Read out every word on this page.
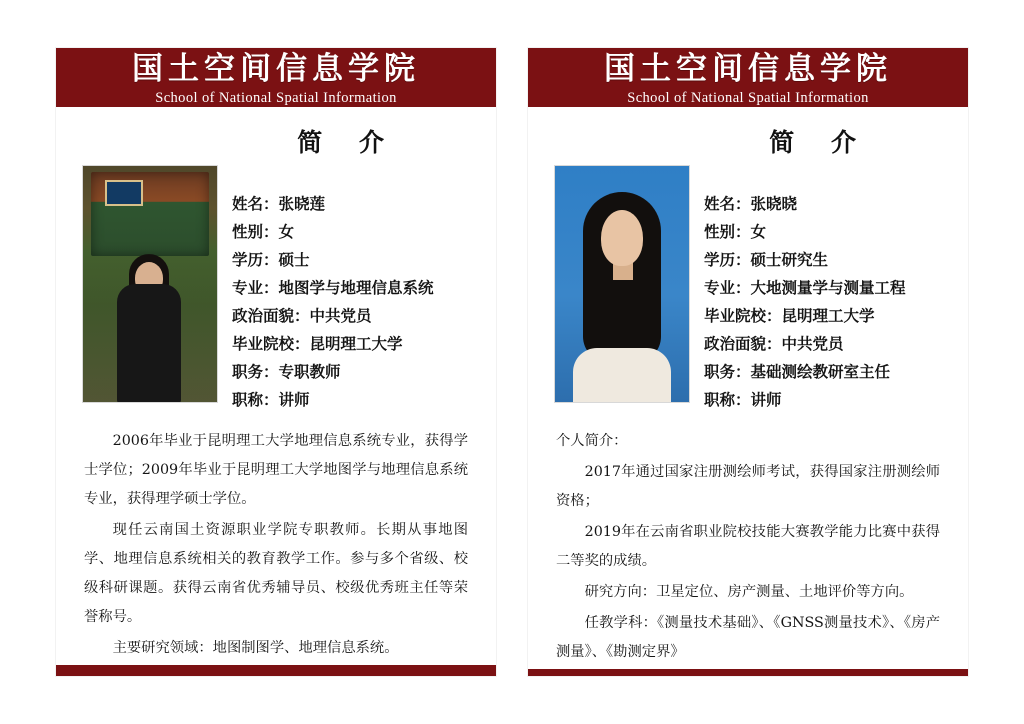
国土空间信息学院
School of National Spatial Information
简 介
姓名：张晓莲
性别：女
学历：硕士
专业：地图学与地理信息系统
政治面貌：中共党员
毕业院校：昆明理工大学
职务：专职教师
职称：讲师

2006年毕业于昆明理工大学地理信息系统专业，获得学士学位；2009年毕业于昆明理工大学地图学与地理信息系统专业，获得理学硕士学位。

现任云南国土资源职业学院专职教师。长期从事地图学、地理信息系统相关的教育教学工作。参与多个省级、校级科研课题。获得云南省优秀辅导员、校级优秀班主任等荣誉称号。

主要研究领域：地图制图学、地理信息系统。

国土空间信息学院
School of National Spatial Information
简 介
姓名：张晓晓
性别：女
学历：硕士研究生
专业：大地测量学与测量工程
毕业院校：昆明理工大学
政治面貌：中共党员
职务：基础测绘教研室主任
职称：讲师

个人简介：

2017年通过国家注册测绘师考试，获得国家注册测绘师资格；

2019年在云南省职业院校技能大赛教学能力比赛中获得二等奖的成绩。

研究方向：卫星定位、房产测量、土地评价等方向。

任教学科：《测量技术基础》、《GNSS测量技术》、《房产测量》、《勘测定界》
